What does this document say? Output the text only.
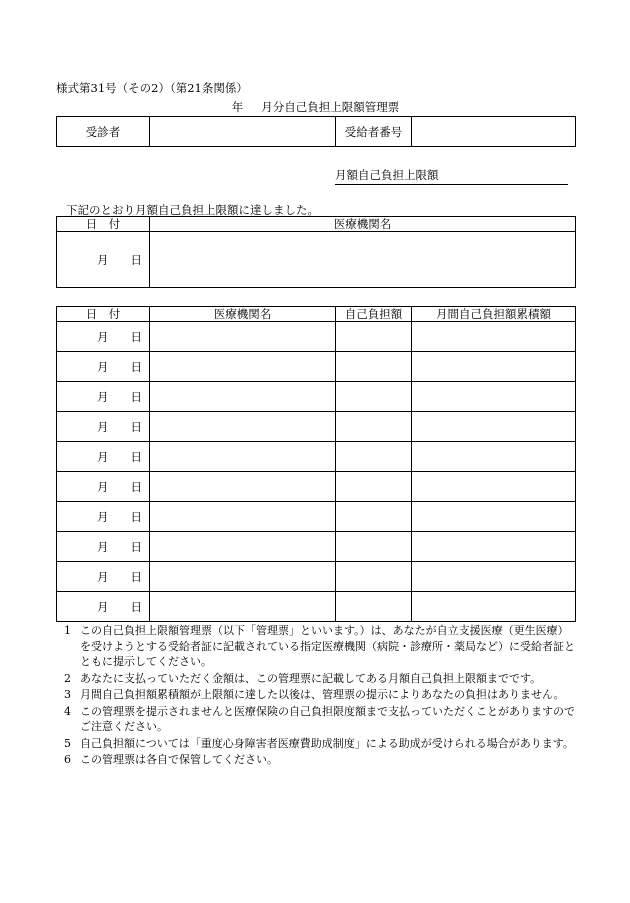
様式第31号（その2）（第21条関係）
年 月分自己負担上限額管理票
受診者		受給者番号	
月額自己負担上限額
下記のとおり月額自己負担上限額に達しました。
日　付	医療機関名
月 日	
日　付	医療機関名	自己負担額	月間自己負担額累積額
月 日			
月 日			
月 日			
月 日			
月 日			
月 日			
月 日			
月 日			
月 日			
月 日			
1 この自己負担上限額管理票（以下「管理票」といいます。）は、あなたが自立支援医療（更生医療）を受けようとする受給者証に記載されている指定医療機関（病院・診療所・薬局など）に受給者証とともに提示してください。
2 あなたに支払っていただく金額は、この管理票に記載してある月額自己負担上限額までです。
3 月間自己負担額累積額が上限額に達した以後は、管理票の提示によりあなたの負担はありません。
4 この管理票を提示されませんと医療保険の自己負担限度額まで支払っていただくことがありますのでご注意ください。
5 自己負担額については「重度心身障害者医療費助成制度」による助成が受けられる場合があります。
6 この管理票は各自で保管してください。
